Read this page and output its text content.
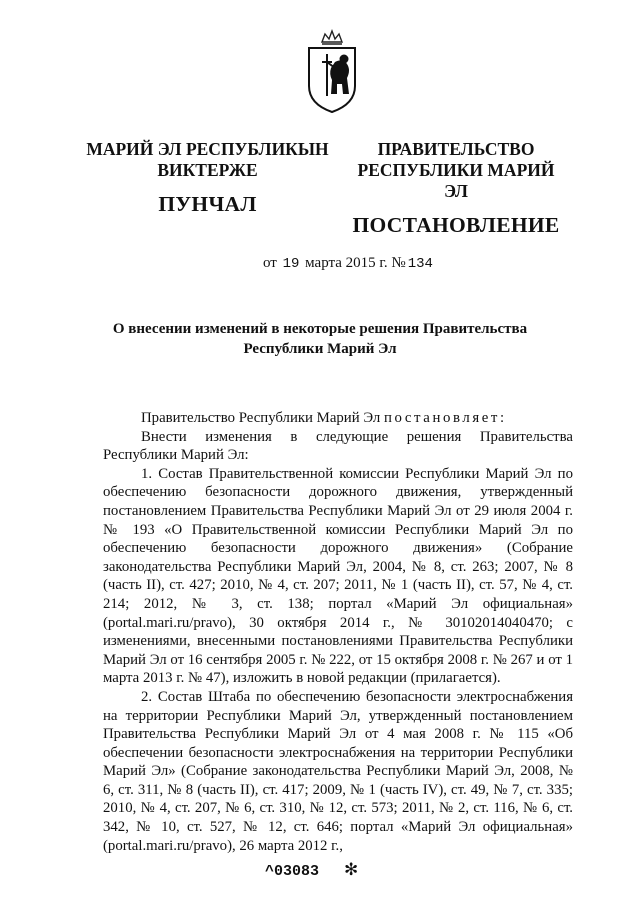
МАРИЙ ЭЛ РЕСПУБЛИКЫН
ВИКТЕРЖЕ
ПУНЧАЛ
ПРАВИТЕЛЬСТВО
РЕСПУБЛИКИ МАРИЙ ЭЛ
ПОСТАНОВЛЕНИЕ
от 19 марта 2015 г. № 134
О внесении изменений в некоторые решения Правительства
Республики Марий Эл

Правительство Республики Марий Эл постановляет:

Внести изменения в следующие решения Правительства Республики Марий Эл:

1. Состав Правительственной комиссии Республики Марий Эл по обеспечению безопасности дорожного движения, утвержденный постановлением Правительства Республики Марий Эл от 29 июля 2004 г. № 193 «О Правительственной комиссии Республики Марий Эл по обеспечению безопасности дорожного движения» (Собрание законодательства Республики Марий Эл, 2004, № 8, ст. 263; 2007, № 8 (часть II), ст. 427; 2010, № 4, ст. 207; 2011, № 1 (часть II), ст. 57, № 4, ст. 214; 2012, № 3, ст. 138; портал «Марий Эл официальная» (portal.mari.ru/pravo), 30 октября 2014 г., № 30102014040470; с изменениями, внесенными постановлениями Правительства Республики Марий Эл от 16 сентября 2005 г. № 222, от 15 октября 2008 г. № 267 и от 1 марта 2013 г. № 47), изложить в новой редакции (прилагается).

2. Состав Штаба по обеспечению безопасности электроснабжения на территории Республики Марий Эл, утвержденный постановлением Правительства Республики Марий Эл от 4 мая 2008 г. № 115 «Об обеспечении безопасности электроснабжения на территории Республики Марий Эл» (Собрание законодательства Республики Марий Эл, 2008, № 6, ст. 311, № 8 (часть II), ст. 417; 2009, № 1 (часть IV), ст. 49, № 7, ст. 335; 2010, № 4, ст. 207, № 6, ст. 310, № 12, ст. 573; 2011, № 2, ст. 116, № 6, ст. 342, № 10, ст. 527, № 12, ст. 646; портал «Марий Эл официальная» (portal.mari.ru/pravo), 26 марта 2012 г.,

^03083 ✻
